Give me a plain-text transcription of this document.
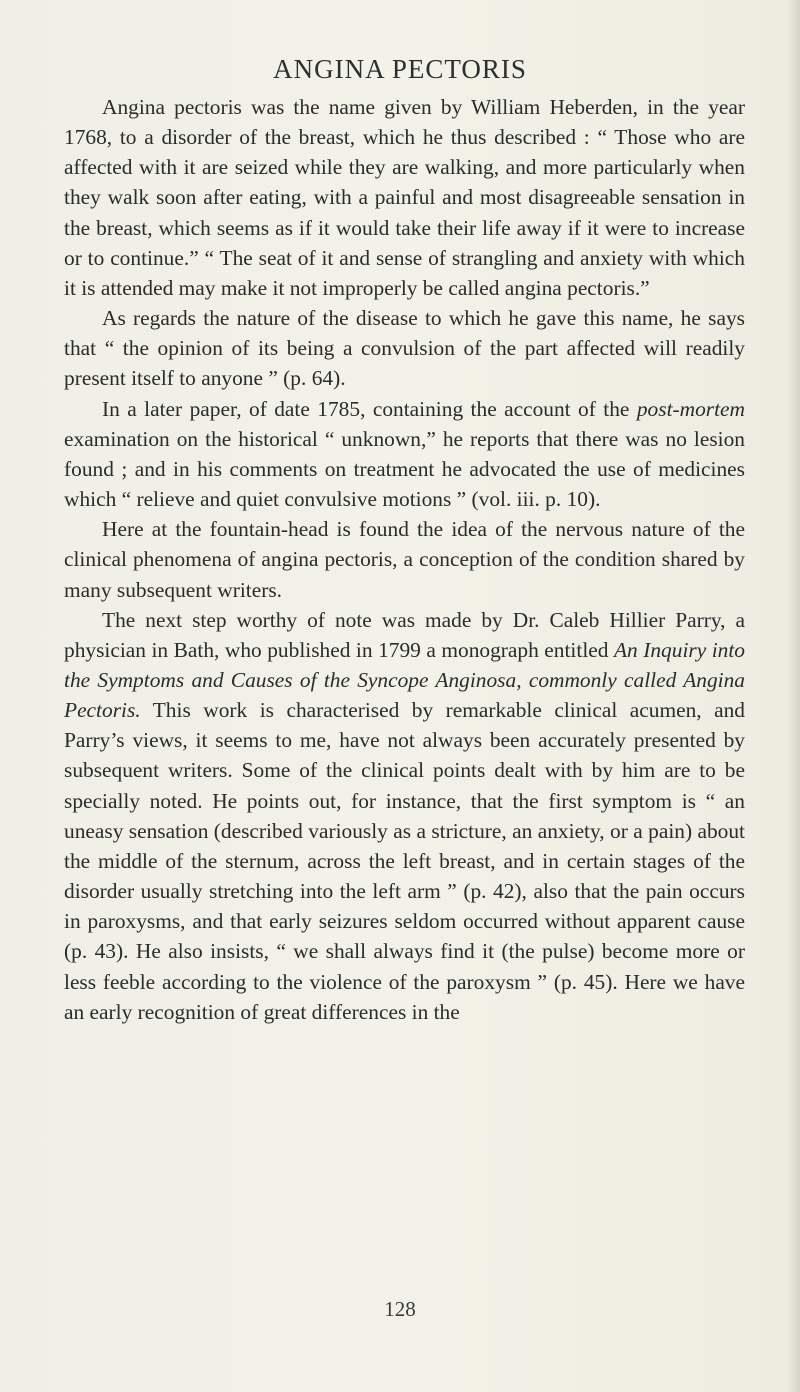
ANGINA PECTORIS

Angina pectoris was the name given by William Heberden, in the year 1768, to a disorder of the breast, which he thus described : “ Those who are affected with it are seized while they are walking, and more particularly when they walk soon after eating, with a painful and most disagreeable sensation in the breast, which seems as if it would take their life away if it were to increase or to continue.” “ The seat of it and sense of strangling and anxiety with which it is attended may make it not improperly be called angina pectoris.”

As regards the nature of the disease to which he gave this name, he says that “ the opinion of its being a convulsion of the part affected will readily present itself to anyone ” (p. 64).

In a later paper, of date 1785, containing the account of the post-mortem examination on the historical “ unknown,” he reports that there was no lesion found ; and in his comments on treatment he advocated the use of medicines which “ relieve and quiet convulsive motions ” (vol. iii. p. 10).

Here at the fountain-head is found the idea of the nervous nature of the clinical phenomena of angina pectoris, a conception of the condition shared by many subsequent writers.

The next step worthy of note was made by Dr. Caleb Hillier Parry, a physician in Bath, who published in 1799 a monograph entitled An Inquiry into the Symptoms and Causes of the Syncope Anginosa, commonly called Angina Pectoris. This work is characterised by remarkable clinical acumen, and Parry’s views, it seems to me, have not always been accurately presented by subsequent writers. Some of the clinical points dealt with by him are to be specially noted. He points out, for instance, that the first symptom is “ an uneasy sensation (described variously as a stricture, an anxiety, or a pain) about the middle of the sternum, across the left breast, and in certain stages of the disorder usually stretching into the left arm ” (p. 42), also that the pain occurs in paroxysms, and that early seizures seldom occurred without apparent cause (p. 43). He also insists, “ we shall always find it (the pulse) become more or less feeble according to the violence of the paroxysm ” (p. 45). Here we have an early recognition of great differences in the

128
